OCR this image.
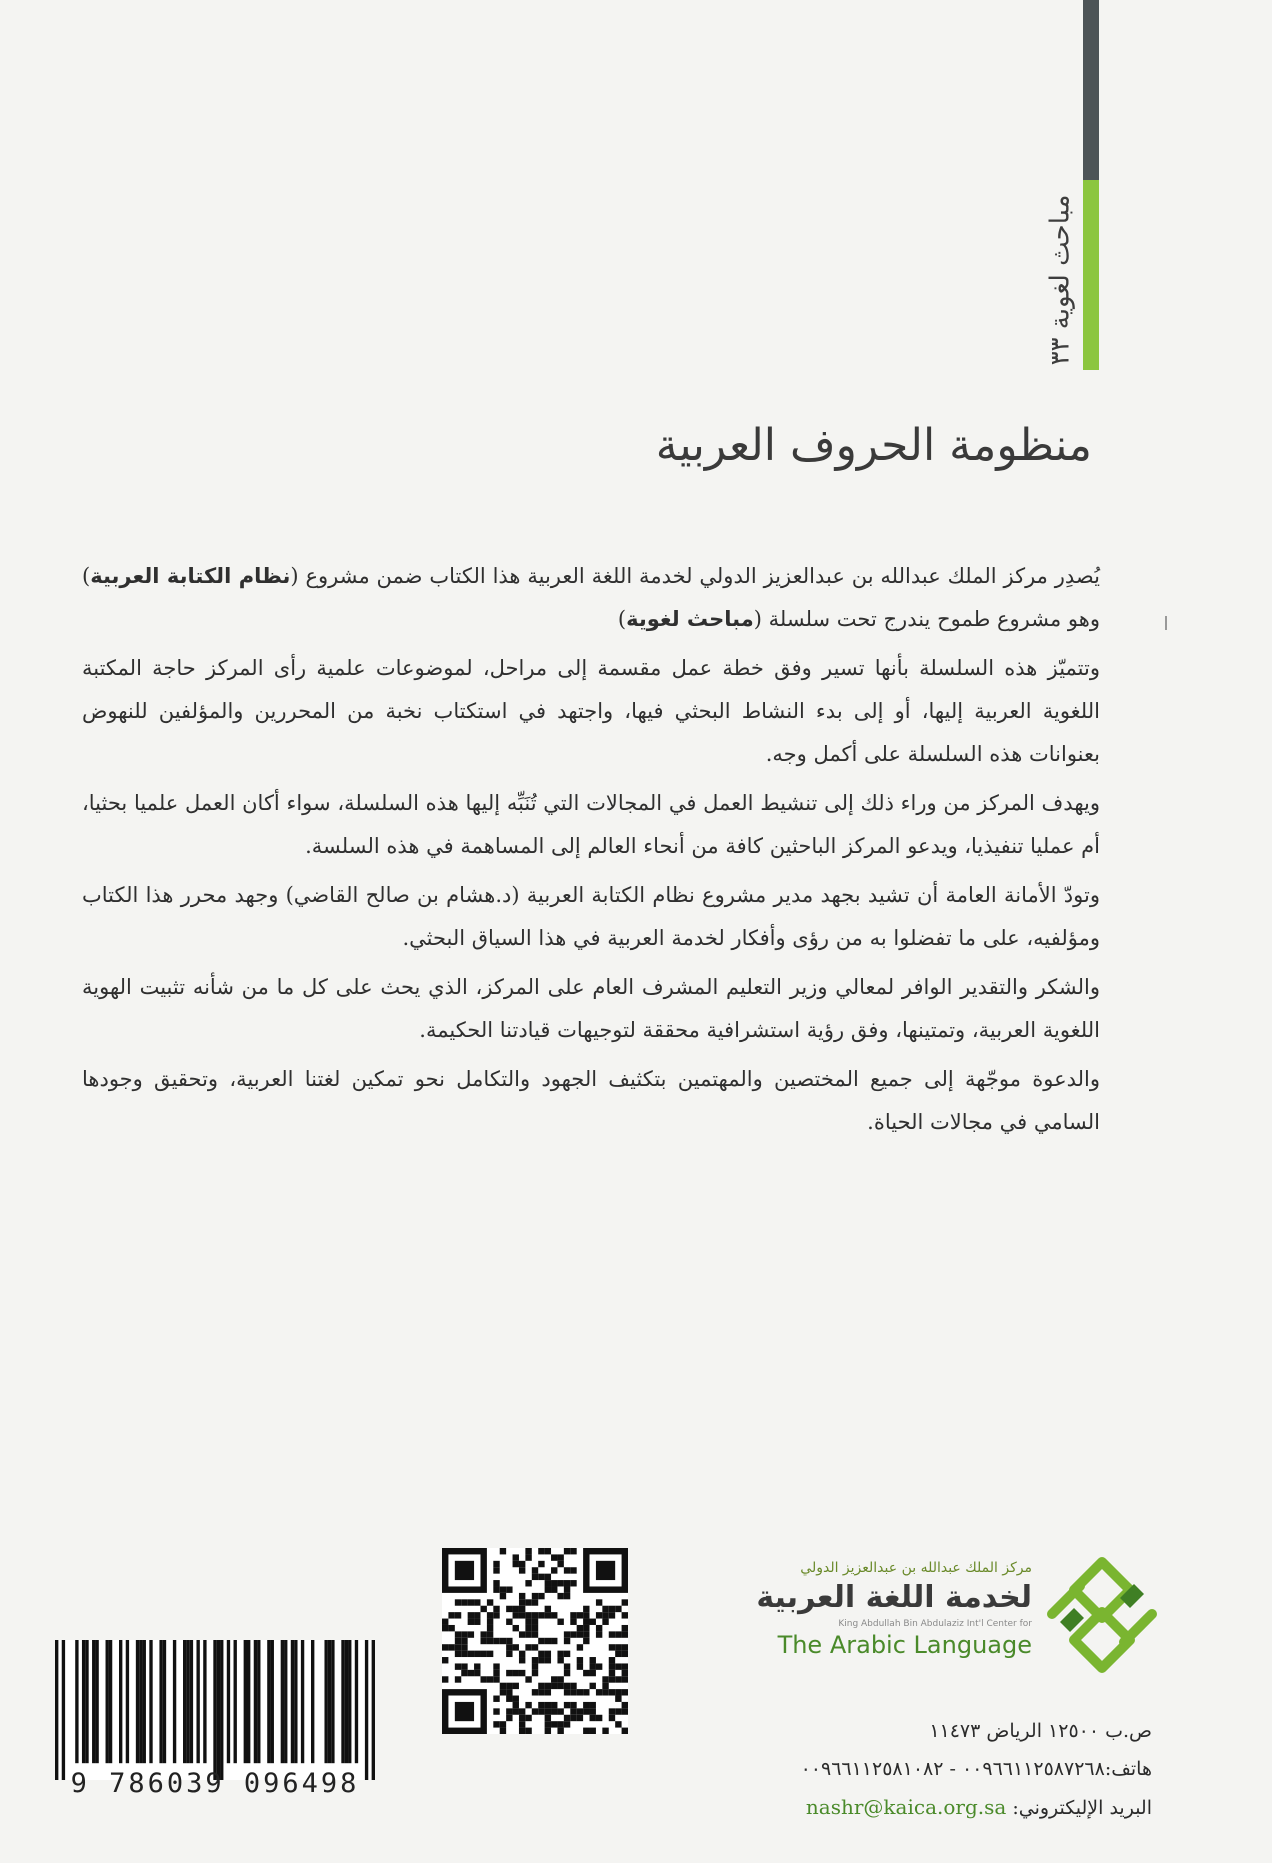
مباحث لغوية ٣٣
منظومة الحروف العربية

يُصدِر مركز الملك عبدالله بن عبدالعزيز الدولي لخدمة اللغة العربية هذا الكتاب ضمن مشروع (نظام الكتابة العربية) وهو مشروع طموح يندرج تحت سلسلة (مباحث لغوية)

وتتميّز هذه السلسلة بأنها تسير وفق خطة عمل مقسمة إلى مراحل، لموضوعات علمية رأى المركز حاجة المكتبة اللغوية العربية إليها، أو إلى بدء النشاط البحثي فيها، واجتهد في استكتاب نخبة من المحررين والمؤلفين للنهوض بعنوانات هذه السلسلة على أكمل وجه.

ويهدف المركز من وراء ذلك إلى تنشيط العمل في المجالات التي تُنَبِّه إليها هذه السلسلة، سواء أكان العمل علميا بحثيا، أم عمليا تنفيذيا، ويدعو المركز الباحثين كافة من أنحاء العالم إلى المساهمة في هذه السلسة.

وتودّ الأمانة العامة أن تشيد بجهد مدير مشروع نظام الكتابة العربية (د.هشام بن صالح القاضي) وجهد محرر هذا الكتاب ومؤلفيه، على ما تفضلوا به من رؤى وأفكار لخدمة العربية في هذا السياق البحثي.

والشكر والتقدير الوافر لمعالي وزير التعليم المشرف العام على المركز، الذي يحث على كل ما من شأنه تثبيت الهوية اللغوية العربية، وتمتينها، وفق رؤية استشرافية محققة لتوجيهات قيادتنا الحكيمة.

والدعوة موجّهة إلى جميع المختصين والمهتمين بتكثيف الجهود والتكامل نحو تمكين لغتنا العربية، وتحقيق وجودها السامي في مجالات الحياة.

مركز الملك عبدالله بن عبدالعزيز الدولي
لخدمة اللغة العربية
King Abdullah Bin Abdulaziz Int'l Center for
The Arabic Language
ص.ب ١٢٥٠٠ الرياض ١١٤٧٣
هاتف:٠٠٩٦٦١١٢٥٨٧٢٦٨ - ٠٠٩٦٦١١٢٥٨١٠٨٢
البريد الإليكتروني: nashr@kaica.org.sa
9 786039 096498
